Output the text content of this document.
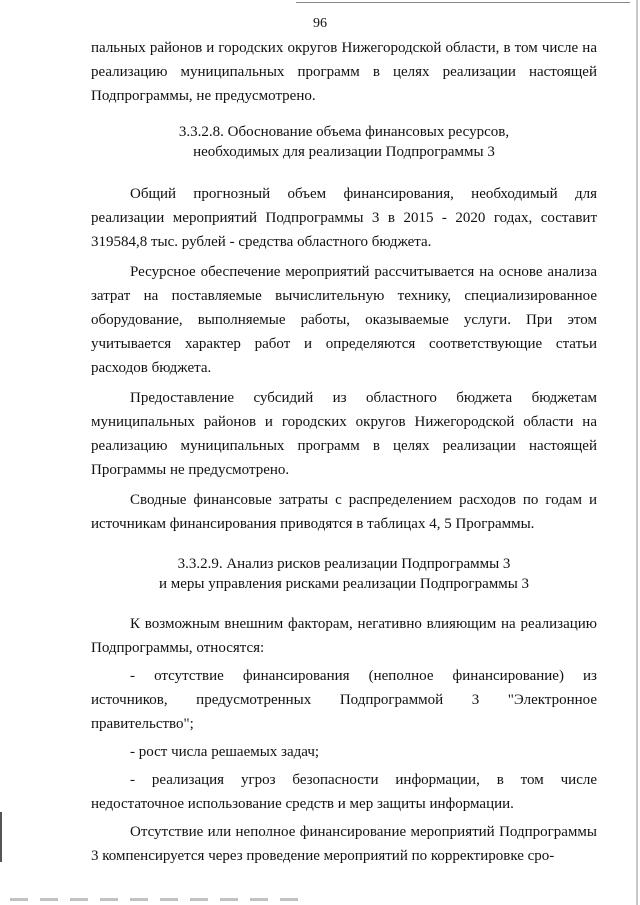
96

пальных районов и городских округов Нижегородской области, в том числе на реализацию муниципальных программ в целях реализации настоящей Подпрограммы, не предусмотрено.

3.3.2.8. Обоснование объема финансовых ресурсов,
необходимых для реализации Подпрограммы 3

Общий прогнозный объем финансирования, необходимый для реализации мероприятий Подпрограммы 3 в 2015 - 2020 годах, составит 319584,8 тыс. рублей - средства областного бюджета.

Ресурсное обеспечение мероприятий рассчитывается на основе анализа затрат на поставляемые вычислительную технику, специализированное оборудование, выполняемые работы, оказываемые услуги. При этом учитывается характер работ и определяются соответствующие статьи расходов бюджета.

Предоставление субсидий из областного бюджета бюджетам муниципальных районов и городских округов Нижегородской области на реализацию муниципальных программ в целях реализации настоящей Программы не предусмотрено.

Сводные финансовые затраты с распределением расходов по годам и источникам финансирования приводятся в таблицах 4, 5 Программы.

3.3.2.9. Анализ рисков реализации Подпрограммы 3
и меры управления рисками реализации Подпрограммы 3

К возможным внешним факторам, негативно влияющим на реализацию Подпрограммы, относятся:

- отсутствие финансирования (неполное финансирование) из источников, предусмотренных Подпрограммой 3 "Электронное правительство";

- рост числа решаемых задач;

- реализация угроз безопасности информации, в том числе недостаточное использование средств и мер защиты информации.

Отсутствие или неполное финансирование мероприятий Подпрограммы 3 компенсируется через проведение мероприятий по корректировке сро-
